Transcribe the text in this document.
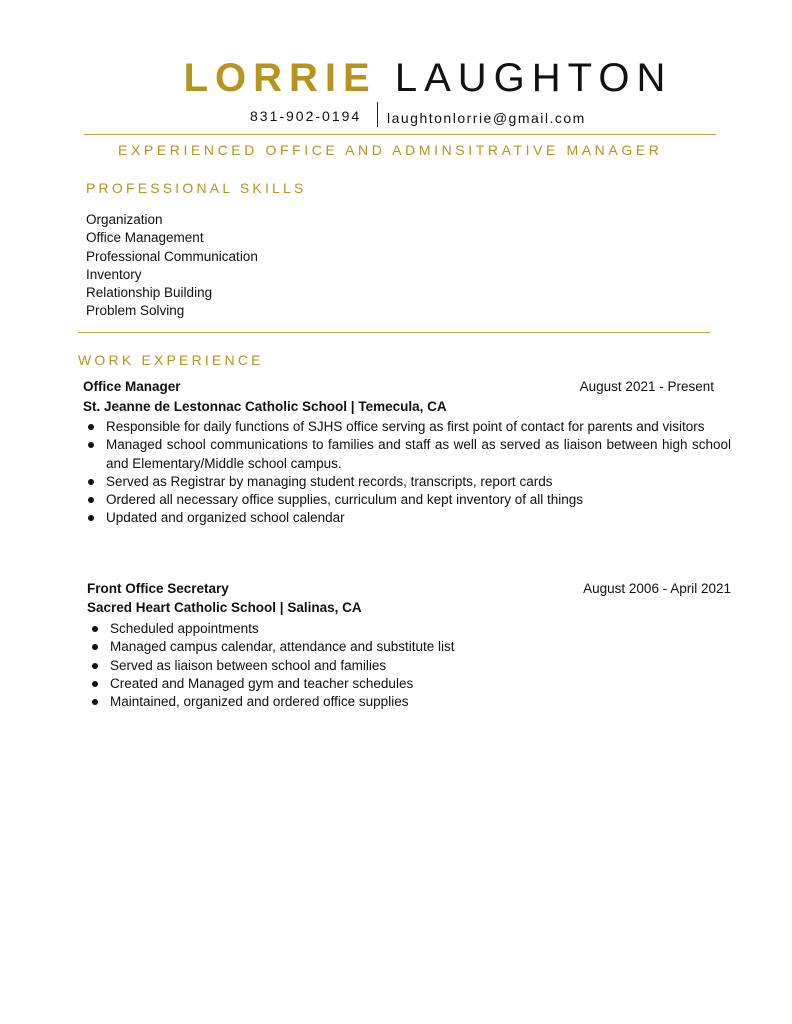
LORRIE LAUGHTON
831-902-0194 laughtonlorrie@gmail.com
EXPERIENCED OFFICE AND ADMINSITRATIVE MANAGER
PROFESSIONAL SKILLS
Organization
Office Management
Professional Communication
Inventory
Relationship Building
Problem Solving
WORK EXPERIENCE
Office Manager	August 2021 - Present
St. Jeanne de Lestonnac Catholic School | Temecula, CA
Responsible for daily functions of SJHS office serving as first point of contact for parents and visitors
Managed school communications to families and staff as well as served as liaison between high school and Elementary/Middle school campus.
Served as Registrar by managing student records, transcripts, report cards
Ordered all necessary office supplies, curriculum and kept inventory of all things
Updated and organized school calendar
Front Office Secretary	August 2006 - April 2021
Sacred Heart Catholic School | Salinas, CA
Scheduled appointments
Managed campus calendar, attendance and substitute list
Served as liaison between school and families
Created and Managed gym and teacher schedules
Maintained, organized and ordered office supplies
